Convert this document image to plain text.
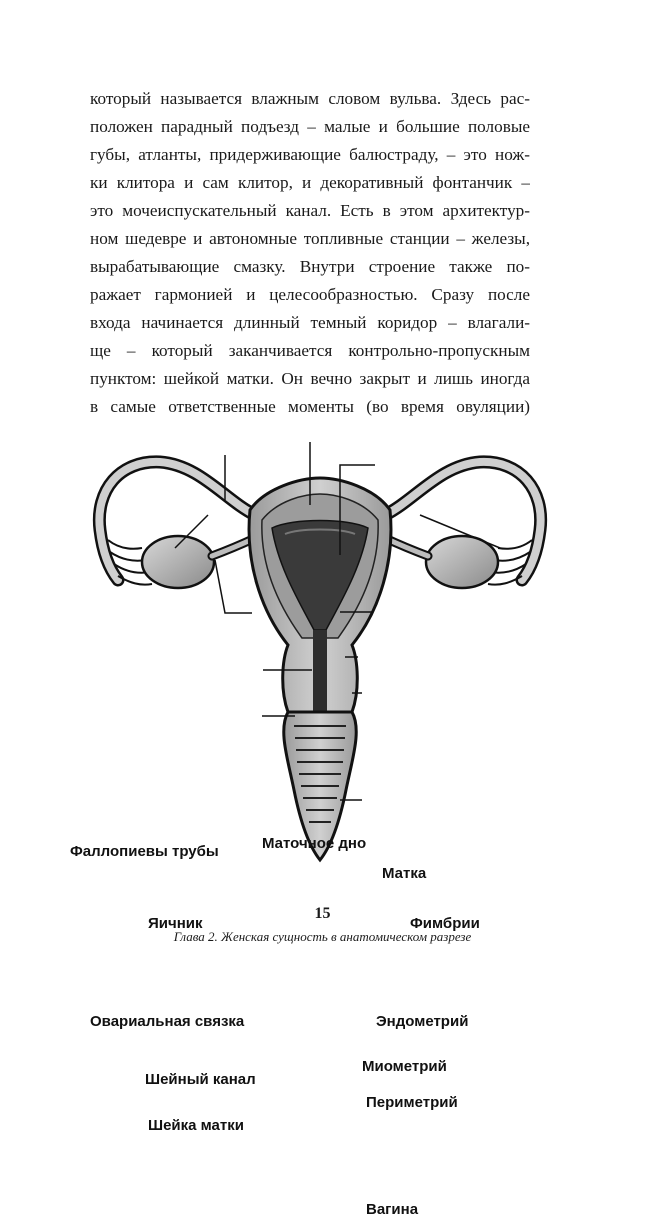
который называется влажным словом вульва. Здесь рас-
положен парадный подъезд – малые и большие половые
губы, атланты, придерживающие балюстраду, – это нож-
ки клитора и сам клитор, и декоративный фонтанчик –
это мочеиспускательный канал. Есть в этом архитектур-
ном шедевре и автономные топливные станции – железы,
вырабатывающие смазку. Внутри строение также по-
ражает гармонией и целесообразностью. Сразу после
входа начинается длинный темный коридор – влагали-
ще – который заканчивается контрольно-пропускным
пунктом: шейкой матки. Он вечно закрыт и лишь иногда
в самые ответственные моменты (во время овуляции)
Фаллопиевы трубы	Маточное дно
Матка
Яичник	Фимбрии
Овариальная связка	Эндометрий
Миометрий
Шейный канал
Периметрий
Шейка матки
Вагина
15
Глава 2. Женская сущность в анатомическом разрезе
